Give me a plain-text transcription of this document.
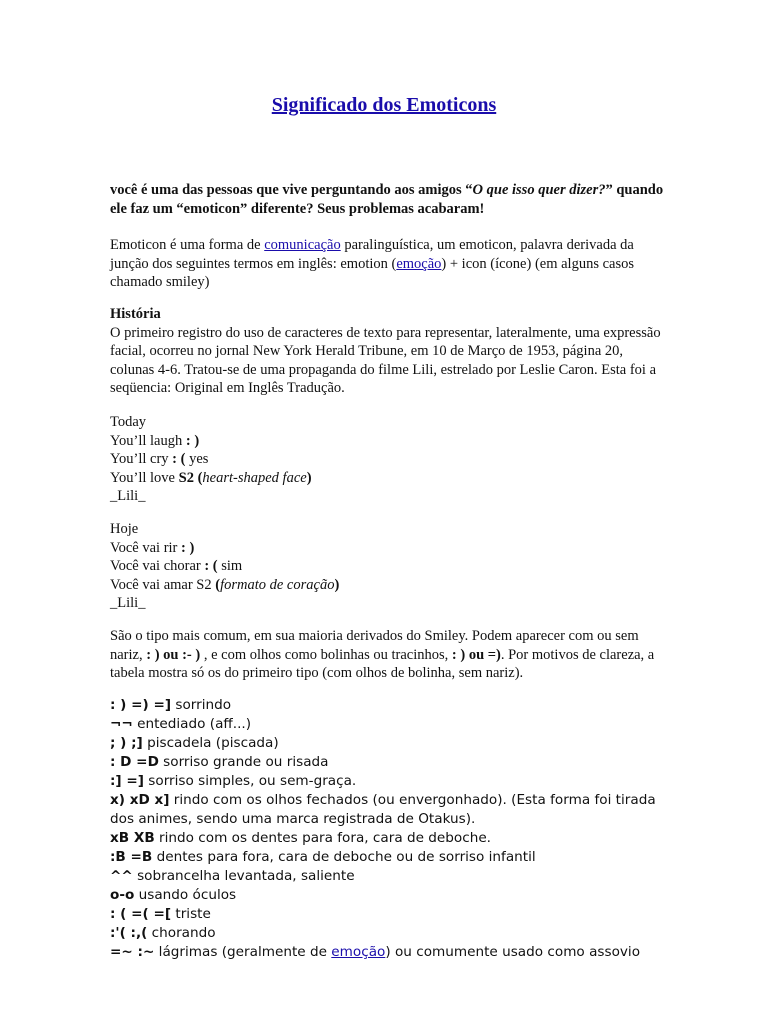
Significado dos Emoticons

você é uma das pessoas que vive perguntando aos amigos “O que isso quer dizer?” quando ele faz um “emoticon” diferente? Seus problemas acabaram!

Emoticon é uma forma de comunicação paralinguística, um emoticon, palavra derivada da junção dos seguintes termos em inglês: emotion (emoção) + icon (ícone) (em alguns casos chamado smiley)

História

O primeiro registro do uso de caracteres de texto para representar, lateralmente, uma expressão facial, ocorreu no jornal New York Herald Tribune, em 10 de Março de 1953, página 20, colunas 4-6. Tratou-se de uma propaganda do filme Lili, estrelado por Leslie Caron. Esta foi a seqüencia: Original em Inglês Tradução.

Today

You’ll laugh : )

You’ll cry : ( yes

You’ll love S2 (heart-shaped face)

_Lili_

Hoje

Você vai rir : )

Você vai chorar : ( sim

Você vai amar S2 (formato de coração)

_Lili_

São o tipo mais comum, em sua maioria derivados do Smiley. Podem aparecer com ou sem nariz, : ) ou :- ) , e com olhos como bolinhas ou tracinhos, : ) ou =). Por motivos de clareza, a tabela mostra só os do primeiro tipo (com olhos de bolinha, sem nariz).

: ) =) =] sorrindo

¬¬ entediado (aff...)

; ) ;] piscadela (piscada)

: D =D sorriso grande ou risada

:] =] sorriso simples, ou sem-graça.

x) xD x] rindo com os olhos fechados (ou envergonhado). (Esta forma foi tirada dos animes, sendo uma marca registrada de Otakus).

xB XB rindo com os dentes para fora, cara de deboche.

:B =B dentes para fora, cara de deboche ou de sorriso infantil

^^ sobrancelha levantada, saliente

o-o usando óculos

: ( =( =[ triste

:'( :,( chorando

=~ :~ lágrimas (geralmente de emoção) ou comumente usado como assovio
